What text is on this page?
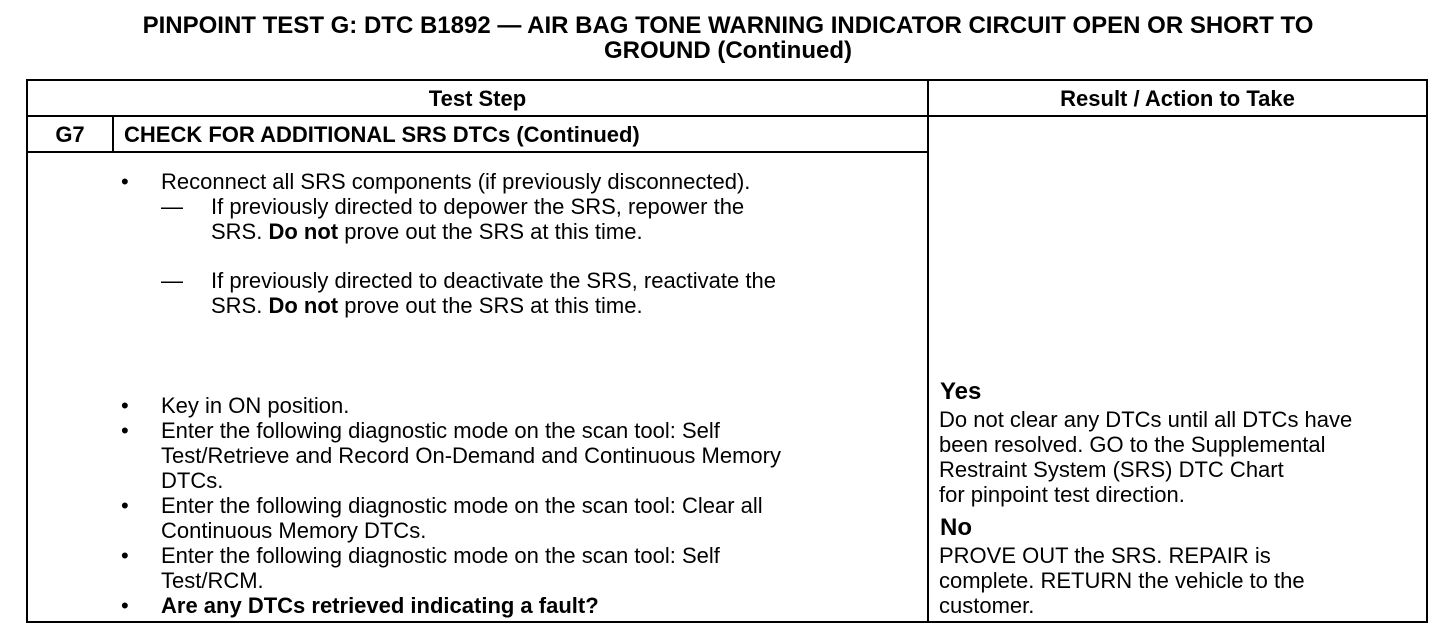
PINPOINT TEST G: DTC B1892 — AIR BAG TONE WARNING INDICATOR CIRCUIT OPEN OR SHORT TO
GROUND (Continued)
Test Step	Result / Action to Take
G7	CHECK FOR ADDITIONAL SRS DTCs (Continued)
• Reconnect all SRS components (if previously disconnected).
— If previously directed to depower the SRS, repower the
SRS. Do not prove out the SRS at this time.
— If previously directed to deactivate the SRS, reactivate the
SRS. Do not prove out the SRS at this time.
• Key in ON position.
• Enter the following diagnostic mode on the scan tool: Self
Test/Retrieve and Record On-Demand and Continuous Memory
DTCs.
• Enter the following diagnostic mode on the scan tool: Clear all
Continuous Memory DTCs.
• Enter the following diagnostic mode on the scan tool: Self
Test/RCM.
• Are any DTCs retrieved indicating a fault?
Yes
Do not clear any DTCs until all DTCs have
been resolved. GO to the Supplemental
Restraint System (SRS) DTC Chart
for pinpoint test direction.
No
PROVE OUT the SRS. REPAIR is
complete. RETURN the vehicle to the
customer.
